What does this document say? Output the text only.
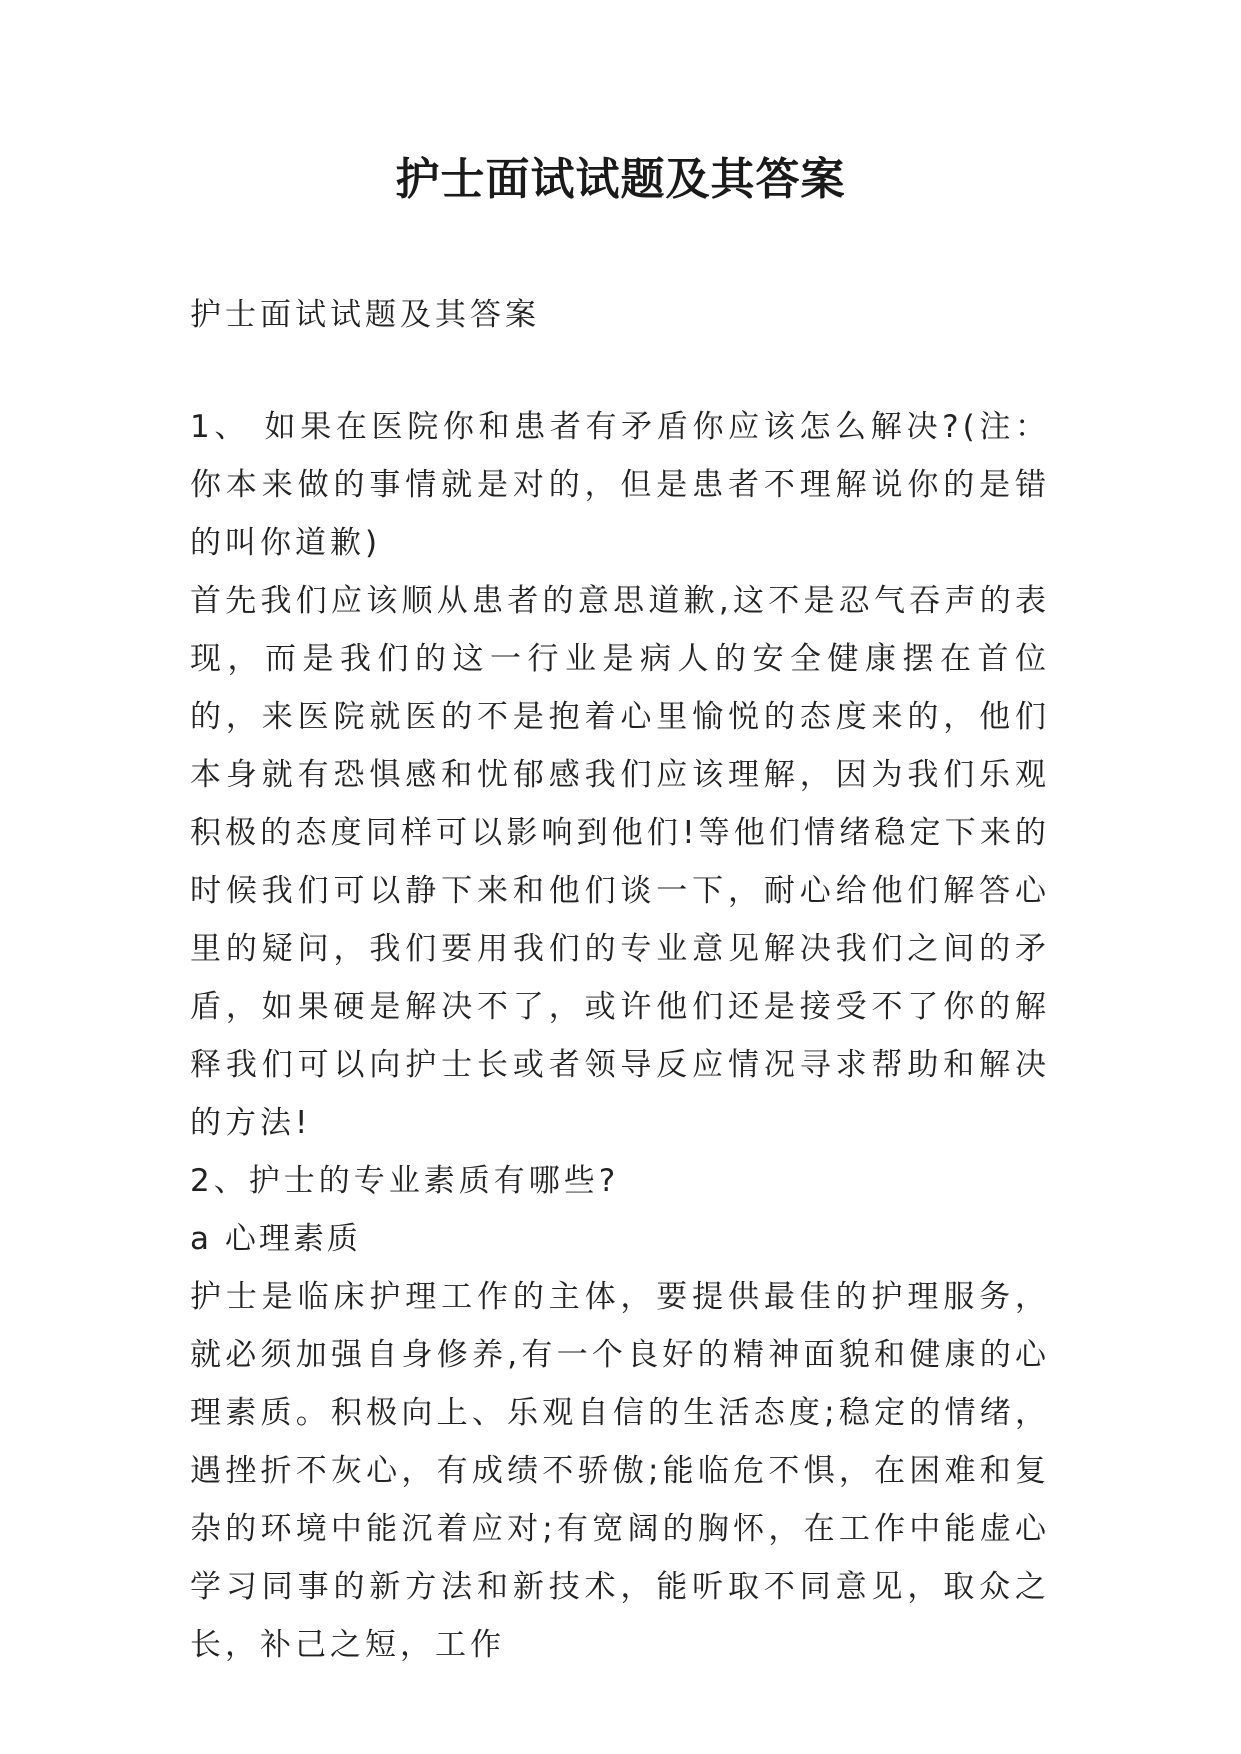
护士面试试题及其答案

护士面试试题及其答案

1、 如果在医院你和患者有矛盾你应该怎么解决?(注：你本来做的事情就是对的，但是患者不理解说你的是错的叫你道歉)

首先我们应该顺从患者的意思道歉,这不是忍气吞声的表现，而是我们的这一行业是病人的安全健康摆在首位的，来医院就医的不是抱着心里愉悦的态度来的，他们本身就有恐惧感和忧郁感我们应该理解，因为我们乐观积极的态度同样可以影响到他们!等他们情绪稳定下来的时候我们可以静下来和他们谈一下，耐心给他们解答心里的疑问，我们要用我们的专业意见解决我们之间的矛盾，如果硬是解决不了，或许他们还是接受不了你的解释我们可以向护士长或者领导反应情况寻求帮助和解决的方法!

2、护士的专业素质有哪些?

a 心理素质

护士是临床护理工作的主体，要提供最佳的护理服务，就必须加强自身修养,有一个良好的精神面貌和健康的心理素质。积极向上、乐观自信的生活态度;稳定的情绪，遇挫折不灰心，有成绩不骄傲;能临危不惧，在困难和复杂的环境中能沉着应对;有宽阔的胸怀，在工作中能虚心学习同事的新方法和新技术，能听取不同意见，取众之长，补己之短，工作
